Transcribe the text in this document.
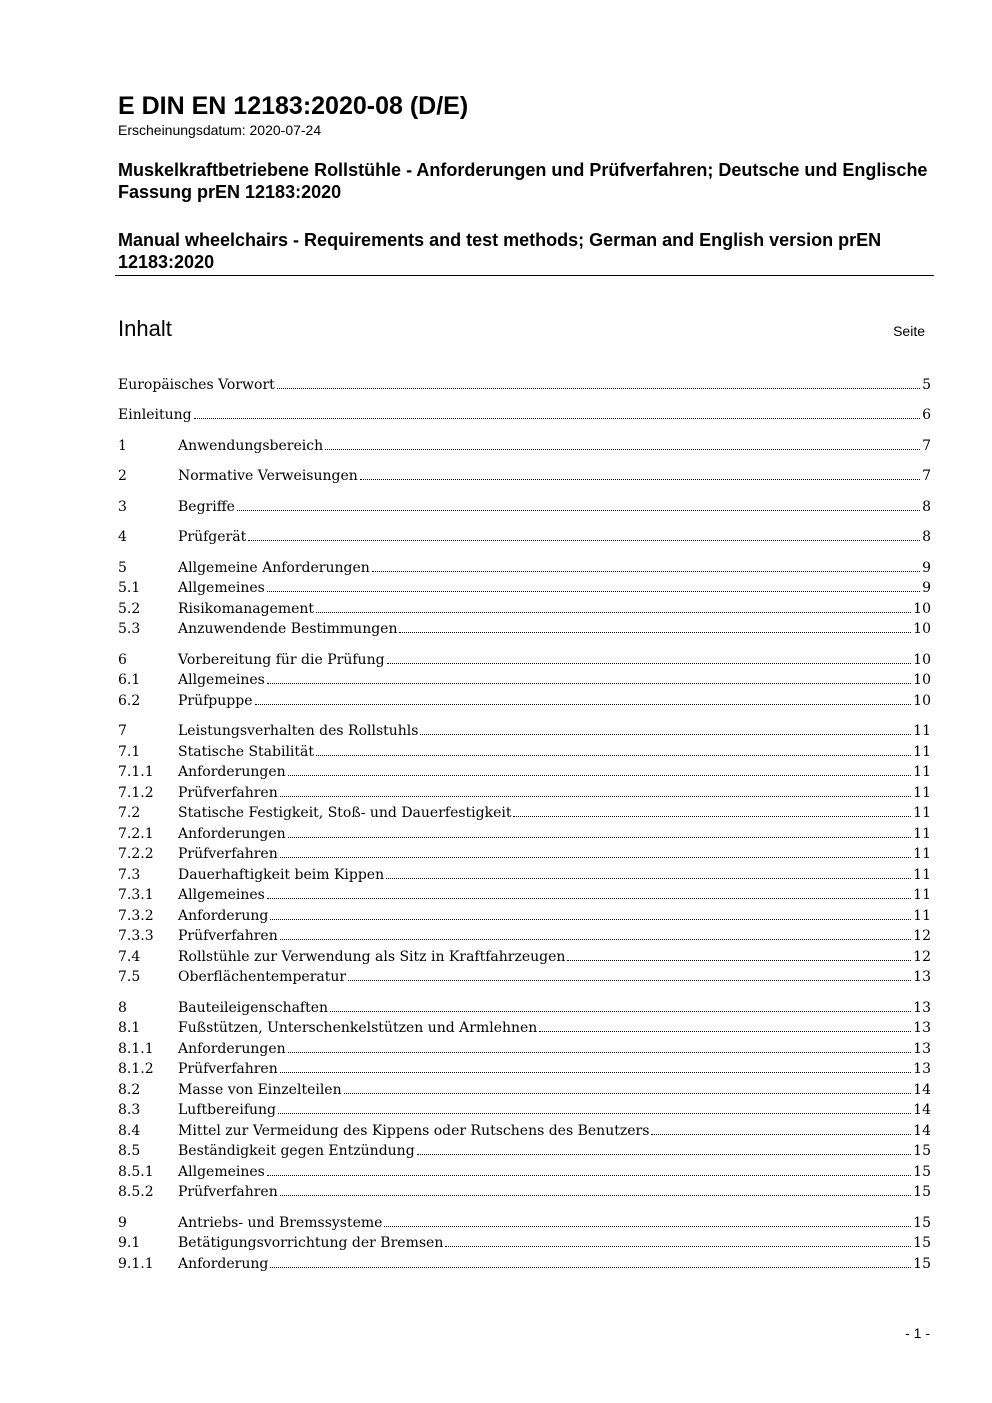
E DIN EN 12183:2020-08 (D/E)
Erscheinungsdatum: 2020-07-24
Muskelkraftbetriebene Rollstühle - Anforderungen und Prüfverfahren; Deutsche und Englische Fassung prEN 12183:2020
Manual wheelchairs - Requirements and test methods; German and English version prEN 12183:2020
Inhalt	Seite
Europäisches Vorwort	5
Einleitung	6
1	Anwendungsbereich	7
2	Normative Verweisungen	7
3	Begriffe	8
4	Prüfgerät	8
5	Allgemeine Anforderungen	9
5.1	Allgemeines	9
5.2	Risikomanagement	10
5.3	Anzuwendende Bestimmungen	10
6	Vorbereitung für die Prüfung	10
6.1	Allgemeines	10
6.2	Prüfpuppe	10
7	Leistungsverhalten des Rollstuhls	11
7.1	Statische Stabilität	11
7.1.1	Anforderungen	11
7.1.2	Prüfverfahren	11
7.2	Statische Festigkeit, Stoß- und Dauerfestigkeit	11
7.2.1	Anforderungen	11
7.2.2	Prüfverfahren	11
7.3	Dauerhaftigkeit beim Kippen	11
7.3.1	Allgemeines	11
7.3.2	Anforderung	11
7.3.3	Prüfverfahren	12
7.4	Rollstühle zur Verwendung als Sitz in Kraftfahrzeugen	12
7.5	Oberflächentemperatur	13
8	Bauteileigenschaften	13
8.1	Fußstützen, Unterschenkelstützen und Armlehnen	13
8.1.1	Anforderungen	13
8.1.2	Prüfverfahren	13
8.2	Masse von Einzelteilen	14
8.3	Luftbereifung	14
8.4	Mittel zur Vermeidung des Kippens oder Rutschens des Benutzers	14
8.5	Beständigkeit gegen Entzündung	15
8.5.1	Allgemeines	15
8.5.2	Prüfverfahren	15
9	Antriebs- und Bremssysteme	15
9.1	Betätigungsvorrichtung der Bremsen	15
9.1.1	Anforderung	15
- 1 -
